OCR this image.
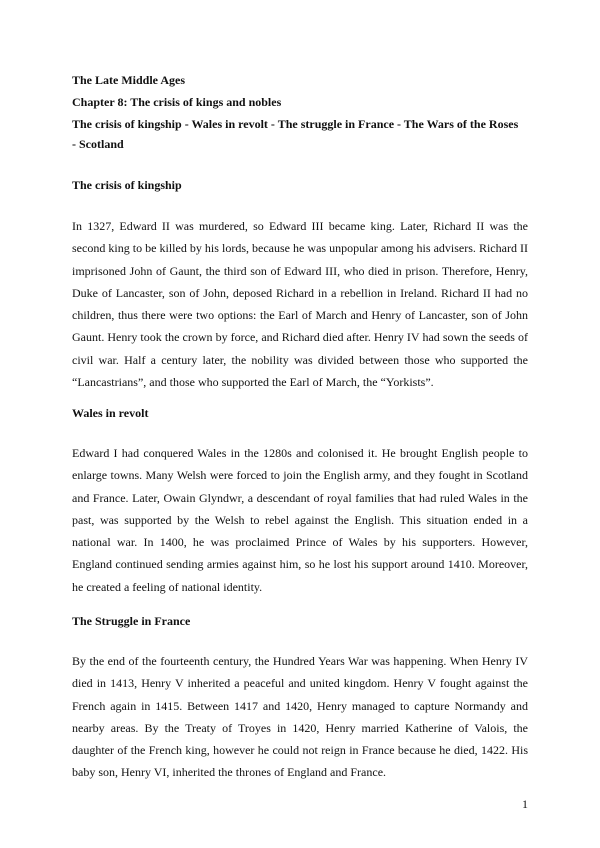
The Late Middle Ages

Chapter 8: The crisis of kings and nobles

The crisis of kingship - Wales in revolt - The struggle in France - The Wars of the Roses

- Scotland

The crisis of kingship

In 1327, Edward II was murdered, so Edward III became king. Later, Richard II was the second king to be killed by his lords, because he was unpopular among his advisers. Richard II imprisoned John of Gaunt, the third son of Edward III, who died in prison. Therefore, Henry, Duke of Lancaster, son of John, deposed Richard in a rebellion in Ireland. Richard II had no children, thus there were two options: the Earl of March and Henry of Lancaster, son of John Gaunt. Henry took the crown by force, and Richard died after. Henry IV had sown the seeds of civil war. Half a century later, the nobility was divided between those who supported the “Lancastrians”, and those who supported the Earl of March, the “Yorkists”.

Wales in revolt

Edward I had conquered Wales in the 1280s and colonised it. He brought English people to enlarge towns. Many Welsh were forced to join the English army, and they fought in Scotland and France. Later, Owain Glyndwr, a descendant of royal families that had ruled Wales in the past, was supported by the Welsh to rebel against the English. This situation ended in a national war. In 1400, he was proclaimed Prince of Wales by his supporters. However, England continued sending armies against him, so he lost his support around 1410. Moreover, he created a feeling of national identity.

The Struggle in France

By the end of the fourteenth century, the Hundred Years War was happening. When Henry IV died in 1413, Henry V inherited a peaceful and united kingdom. Henry V fought against the French again in 1415. Between 1417 and 1420, Henry managed to capture Normandy and nearby areas. By the Treaty of Troyes in 1420, Henry married Katherine of Valois, the daughter of the French king, however he could not reign in France because he died, 1422. His baby son, Henry VI, inherited the thrones of England and France.

1
